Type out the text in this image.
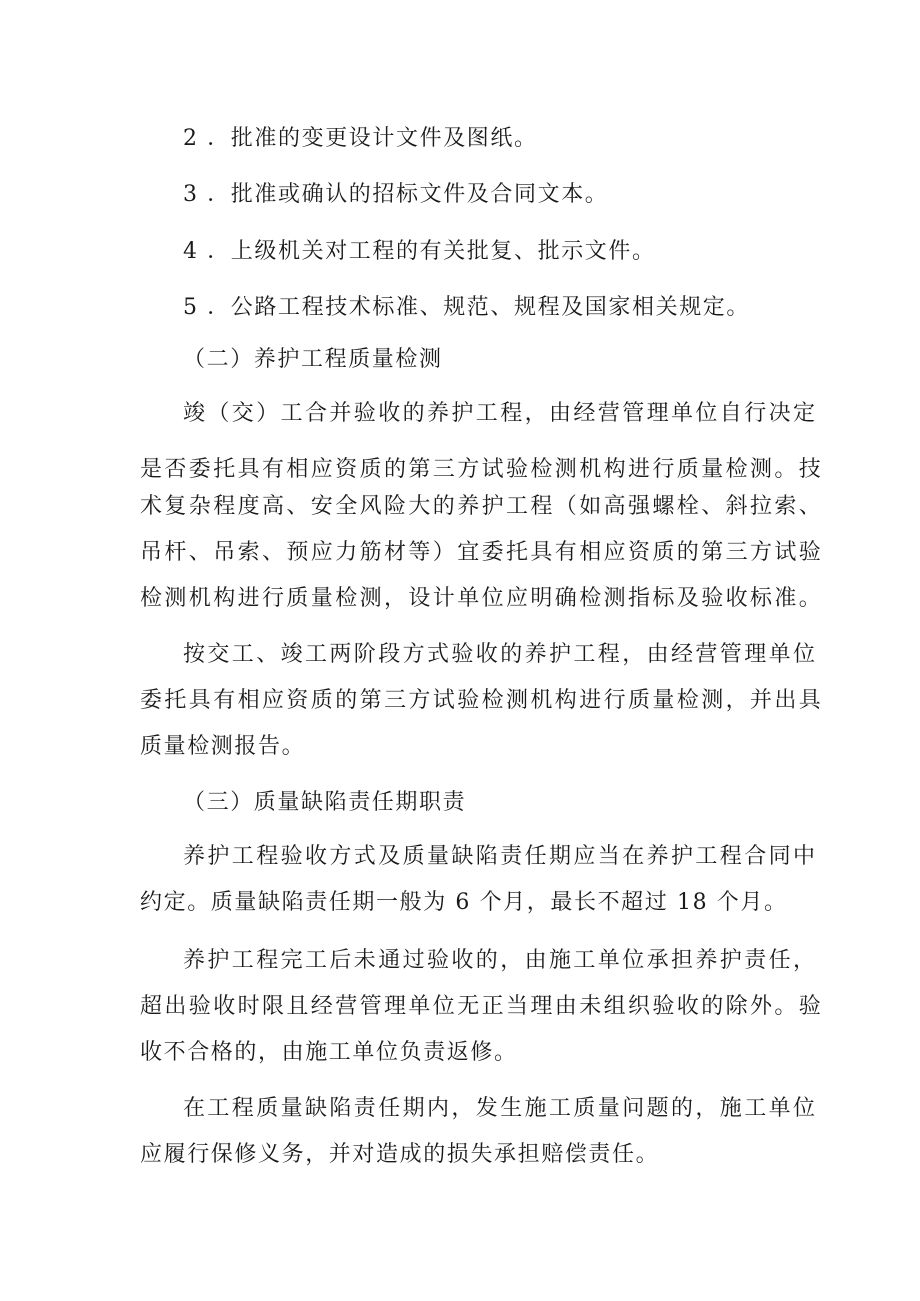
2 ．批准的变更设计文件及图纸。
3 ．批准或确认的招标文件及合同文本。
4 ．上级机关对工程的有关批复、批示文件。
5 ．公路工程技术标准、规范、规程及国家相关规定。
（二）养护工程质量检测
竣（交）工合并验收的养护工程，由经营管理单位自行决定
是否委托具有相应资质的第三方试验检测机构进行质量检测。技
术复杂程度高、安全风险大的养护工程（如高强螺栓、斜拉索、
吊杆、吊索、预应力筋材等）宜委托具有相应资质的第三方试验
检测机构进行质量检测，设计单位应明确检测指标及验收标准。
按交工、竣工两阶段方式验收的养护工程，由经营管理单位
委托具有相应资质的第三方试验检测机构进行质量检测，并出具
质量检测报告。
（三）质量缺陷责任期职责
养护工程验收方式及质量缺陷责任期应当在养护工程合同中
约定。质量缺陷责任期一般为 6 个月，最长不超过 18 个月。
养护工程完工后未通过验收的，由施工单位承担养护责任，
超出验收时限且经营管理单位无正当理由未组织验收的除外。验
收不合格的，由施工单位负责返修。
在工程质量缺陷责任期内，发生施工质量问题的，施工单位
应履行保修义务，并对造成的损失承担赔偿责任。
